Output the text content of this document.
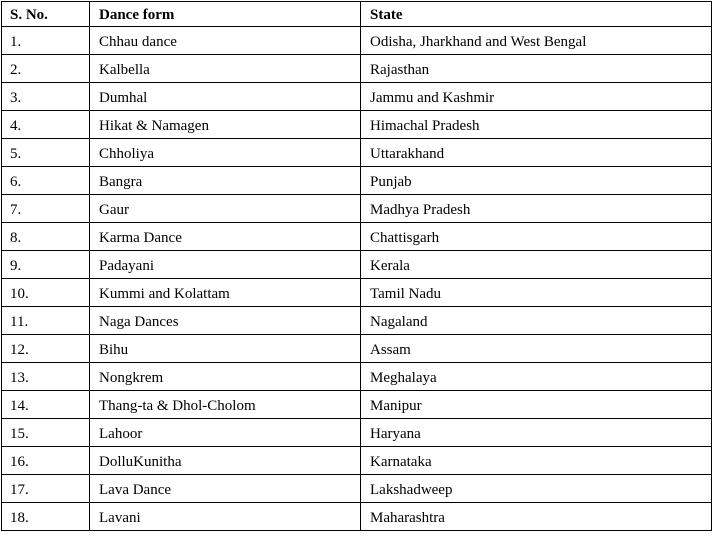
S. No.	Dance form	State
1.	Chhau dance	Odisha, Jharkhand and West Bengal
2.	Kalbella	Rajasthan
3.	Dumhal	Jammu and Kashmir
4.	Hikat & Namagen	Himachal Pradesh
5.	Chholiya	Uttarakhand
6.	Bangra	Punjab
7.	Gaur	Madhya Pradesh
8.	Karma Dance	Chattisgarh
9.	Padayani	Kerala
10.	Kummi and Kolattam	Tamil Nadu
11.	Naga Dances	Nagaland
12.	Bihu	Assam
13.	Nongkrem	Meghalaya
14.	Thang-ta & Dhol-Cholom	Manipur
15.	Lahoor	Haryana
16.	DolluKunitha	Karnataka
17.	Lava Dance	Lakshadweep
18.	Lavani	Maharashtra
